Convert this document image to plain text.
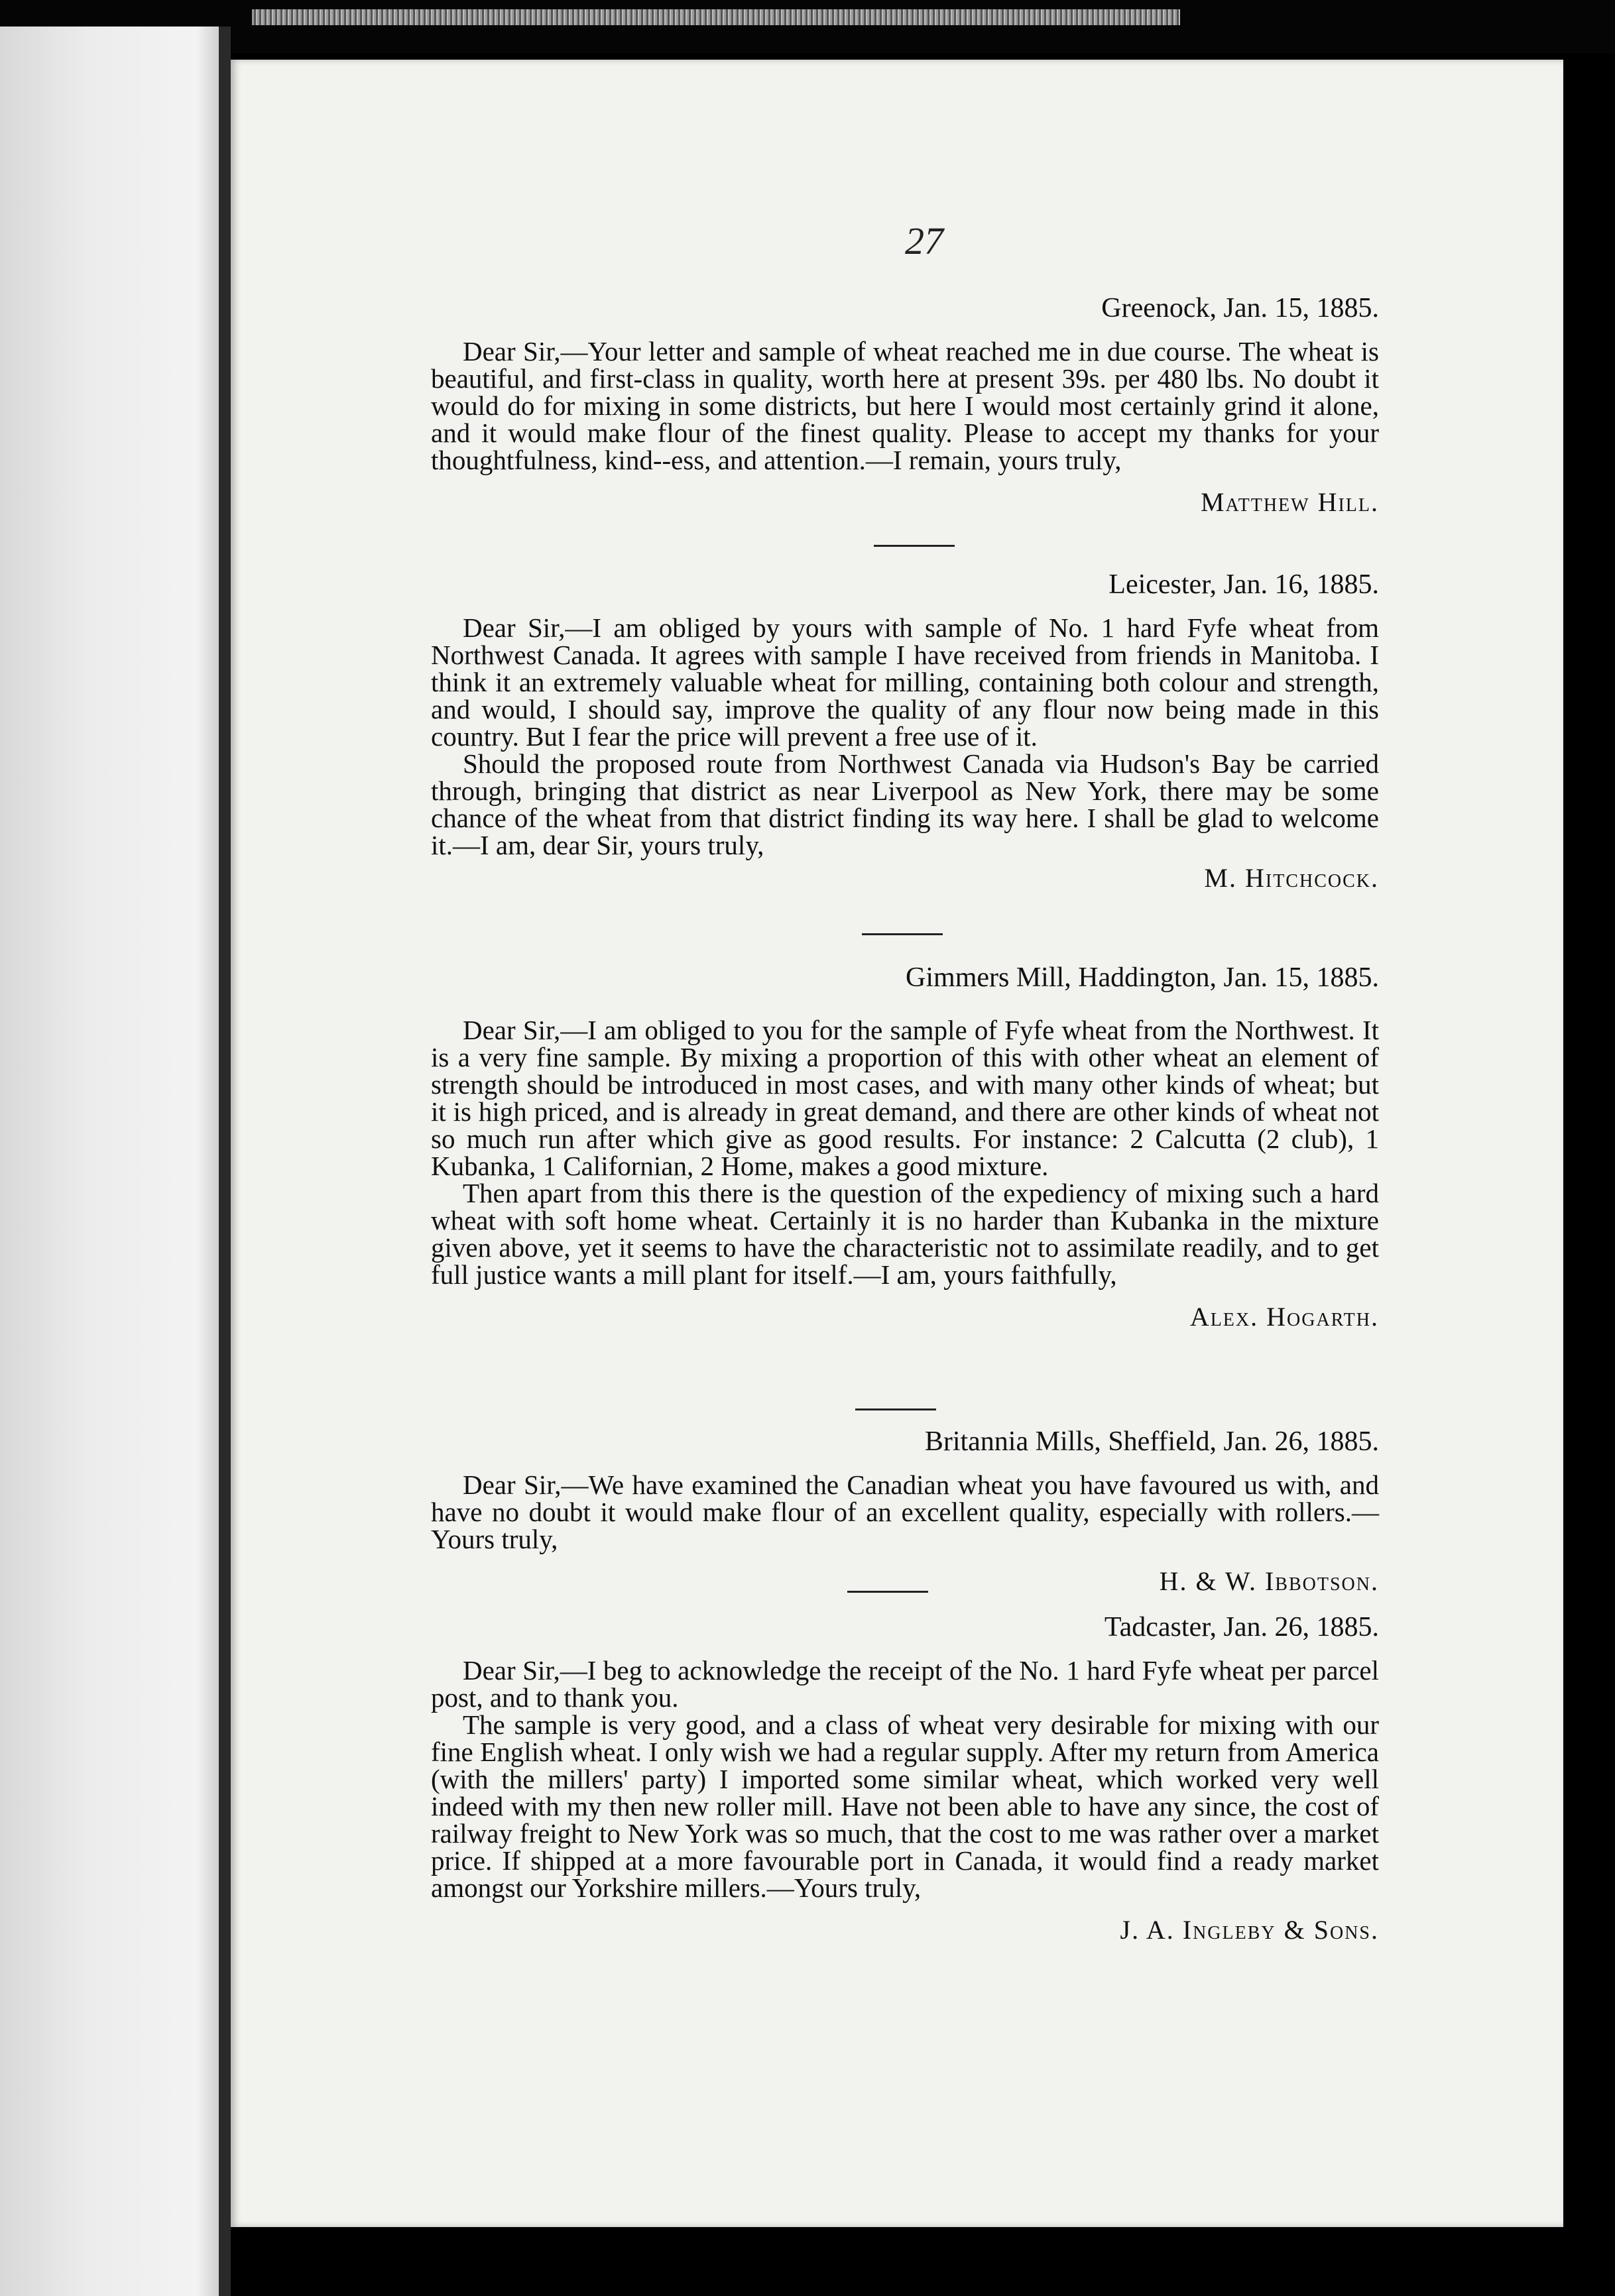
27
Greenock, Jan. 15, 1885.

Dear Sir,—Your letter and sample of wheat reached me in due course. The wheat is beautiful, and first-class in quality, worth here at present 39s. per 480 lbs. No doubt it would do for mixing in some districts, but here I would most certainly grind it alone, and it would make flour of the finest quality. Please to accept my thanks for your thoughtfulness, kind--ess, and attention.—I remain, yours truly,

Matthew Hill.
Leicester, Jan. 16, 1885.

Dear Sir,—I am obliged by yours with sample of No. 1 hard Fyfe wheat from Northwest Canada. It agrees with sample I have received from friends in Manitoba. I think it an extremely valuable wheat for milling, containing both colour and strength, and would, I should say, improve the quality of any flour now being made in this country. But I fear the price will prevent a free use of it.

Should the proposed route from Northwest Canada via Hudson's Bay be carried through, bringing that district as near Liverpool as New York, there may be some chance of the wheat from that district finding its way here. I shall be glad to welcome it.—I am, dear Sir, yours truly,

M. Hitchcock.
Gimmers Mill, Haddington, Jan. 15, 1885.

Dear Sir,—I am obliged to you for the sample of Fyfe wheat from the Northwest. It is a very fine sample. By mixing a proportion of this with other wheat an element of strength should be introduced in most cases, and with many other kinds of wheat; but it is high priced, and is already in great demand, and there are other kinds of wheat not so much run after which give as good results. For instance: 2 Calcutta (2 club), 1 Kubanka, 1 Californian, 2 Home, makes a good mixture.

Then apart from this there is the question of the expediency of mixing such a hard wheat with soft home wheat. Certainly it is no harder than Kubanka in the mixture given above, yet it seems to have the characteristic not to assimilate readily, and to get full justice wants a mill plant for itself.—I am, yours faithfully,

Alex. Hogarth.
Britannia Mills, Sheffield, Jan. 26, 1885.

Dear Sir,—We have examined the Canadian wheat you have favoured us with, and have no doubt it would make flour of an excellent quality, especially with rollers.—Yours truly,

H. & W. Ibbotson.
Tadcaster, Jan. 26, 1885.

Dear Sir,—I beg to acknowledge the receipt of the No. 1 hard Fyfe wheat per parcel post, and to thank you.

The sample is very good, and a class of wheat very desirable for mixing with our fine English wheat. I only wish we had a regular supply. After my return from America (with the millers' party) I imported some similar wheat, which worked very well indeed with my then new roller mill. Have not been able to have any since, the cost of railway freight to New York was so much, that the cost to me was rather over a market price. If shipped at a more favourable port in Canada, it would find a ready market amongst our Yorkshire millers.—Yours truly,

J. A. Ingleby & Sons.
